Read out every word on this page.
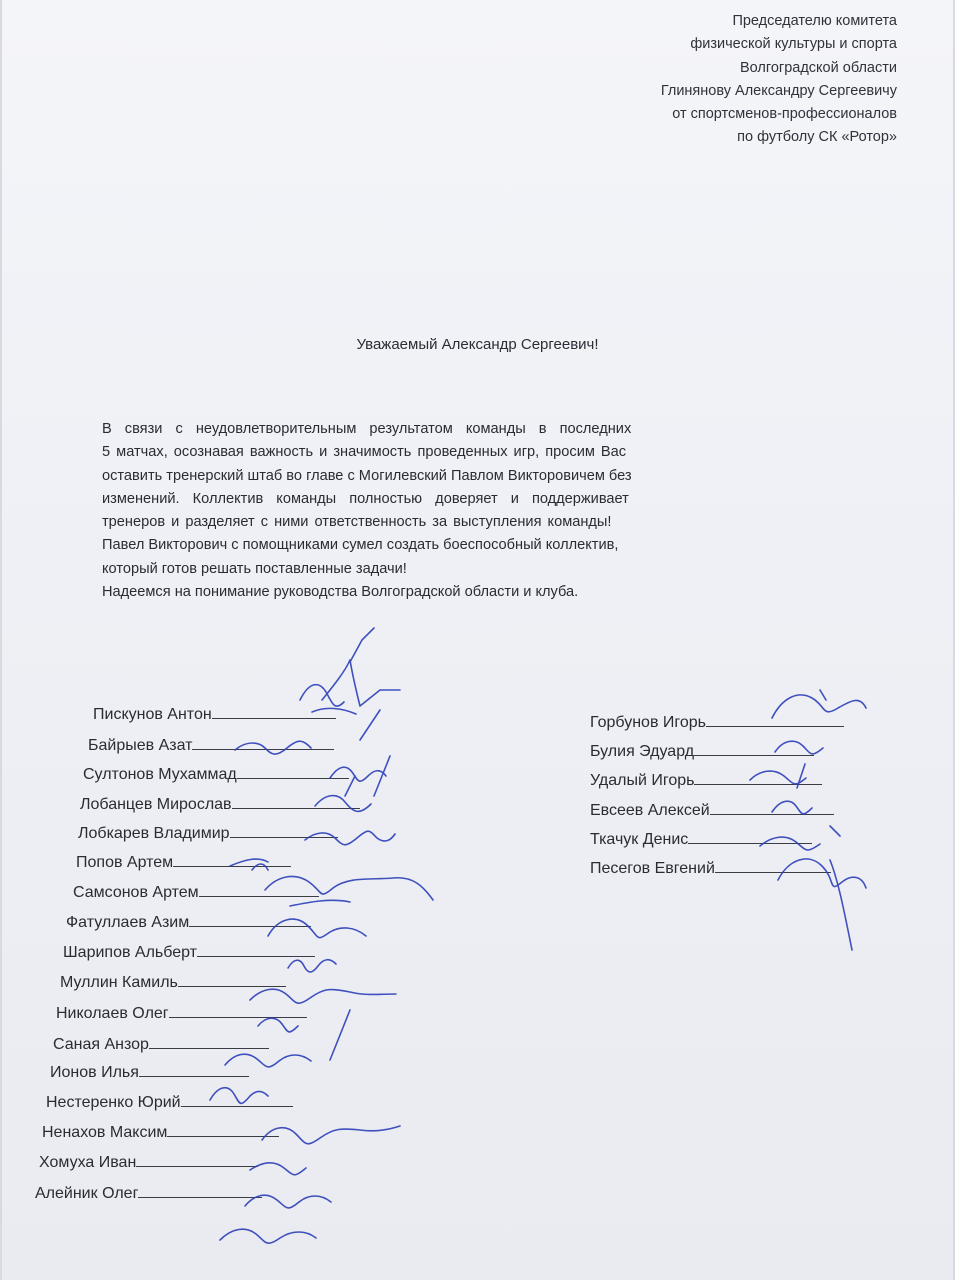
Председателю комитета
физической культуры и спорта
Волгоградской области
Глинянову Александру Сергеевичу
от спортсменов-профессионалов
по футболу СК «Ротор»
Уважаемый Александр Сергеевич!
В связи с неудовлетворительным результатом команды в последних
5 матчах, осознавая важность и значимость проведенных игр, просим Вас
оставить тренерский штаб во главе с Могилевский Павлом Викторовичем без
изменений. Коллектив команды полностью доверяет и поддерживает
тренеров и разделяет с ними ответственность за выступления команды!
Павел Викторович с помощниками сумел создать боеспособный коллектив,
который готов решать поставленные задачи!
Надеемся на понимание руководства Волгоградской области и клуба.
Пискунов Антон
Байрыев Азат
Султонов Мухаммад
Лобанцев Мирослав
Лобкарев Владимир
Попов Артем
Самсонов Артем
Фатуллаев Азим
Шарипов Альберт
Муллин Камиль
Николаев Олег
Саная Анзор
Ионов Илья
Нестеренко Юрий
Ненахов Максим
Хомуха Иван
Алейник Олег
Горбунов Игорь
Булия Эдуард
Удалый Игорь
Евсеев Алексей
Ткачук Денис
Песегов Евгений
